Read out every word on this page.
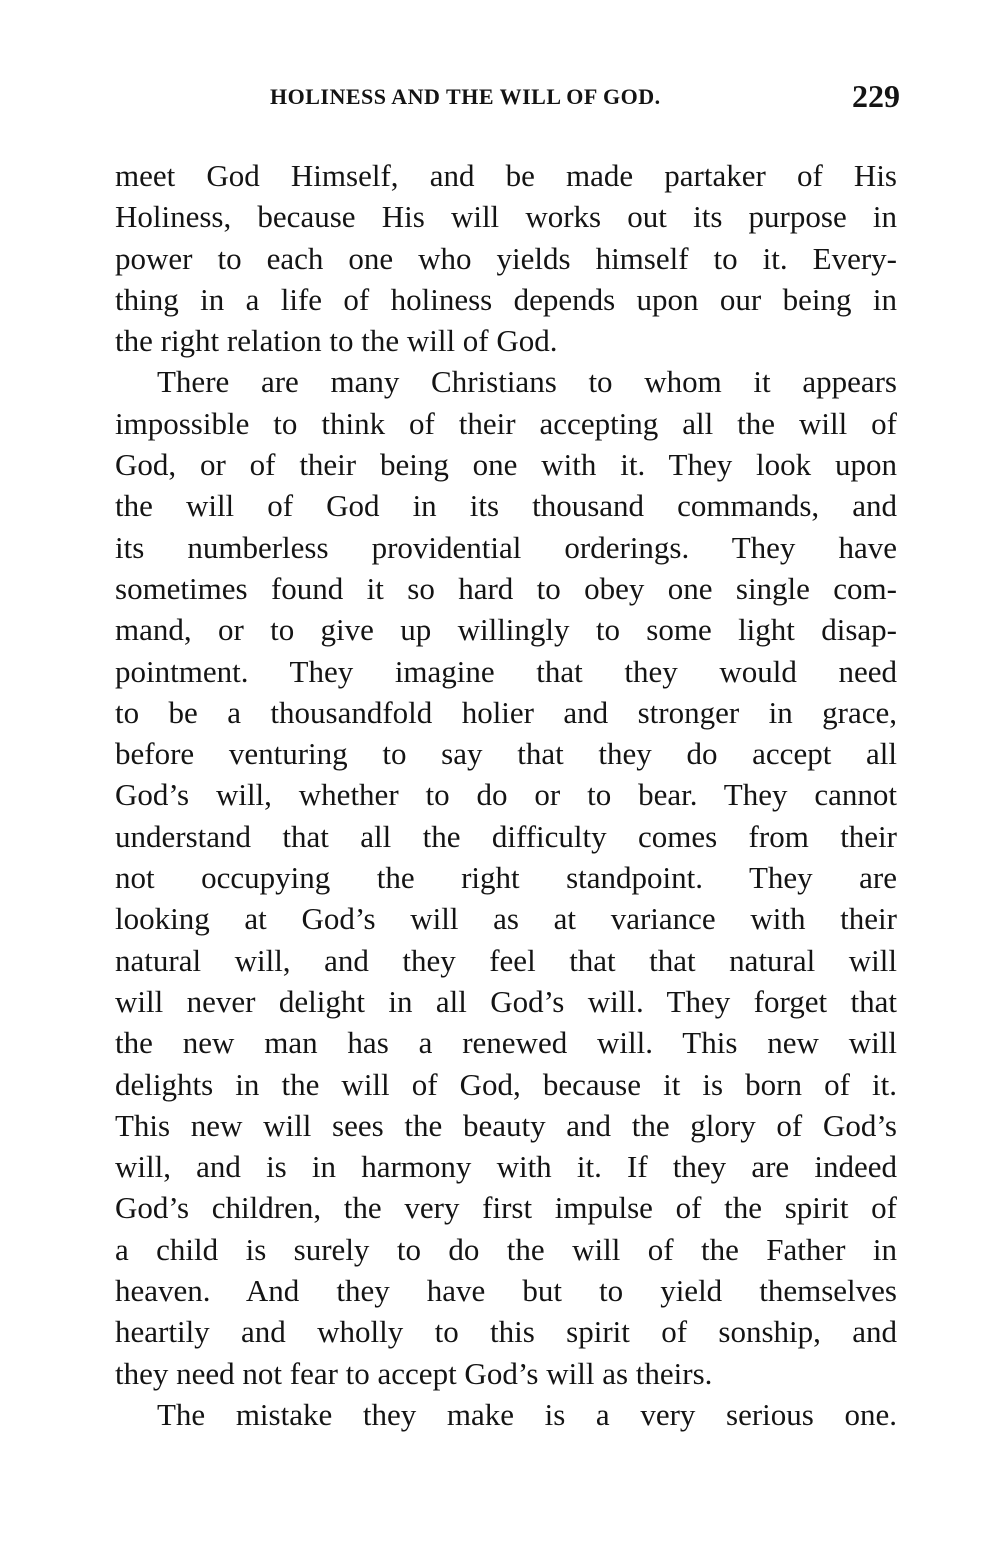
HOLINESS AND THE WILL OF GOD.	229
meet God Himself, and be made partaker of His
Holiness, because His will works out its purpose in
power to each one who yields himself to it. Every-
thing in a life of holiness depends upon our being in
the right relation to the will of God.
There are many Christians to whom it appears
impossible to think of their accepting all the will of
God, or of their being one with it. They look upon
the will of God in its thousand commands, and
its numberless providential orderings. They have
sometimes found it so hard to obey one single com-
mand, or to give up willingly to some light disap-
pointment. They imagine that they would need
to be a thousandfold holier and stronger in grace,
before venturing to say that they do accept all
God’s will, whether to do or to bear. They cannot
understand that all the difficulty comes from their
not occupying the right standpoint. They are
looking at God’s will as at variance with their
natural will, and they feel that that natural will
will never delight in all God’s will. They forget that
the new man has a renewed will. This new will
delights in the will of God, because it is born of it.
This new will sees the beauty and the glory of God’s
will, and is in harmony with it. If they are indeed
God’s children, the very first impulse of the spirit of
a child is surely to do the will of the Father in
heaven. And they have but to yield themselves
heartily and wholly to this spirit of sonship, and
they need not fear to accept God’s will as theirs.
The mistake they make is a very serious one.
